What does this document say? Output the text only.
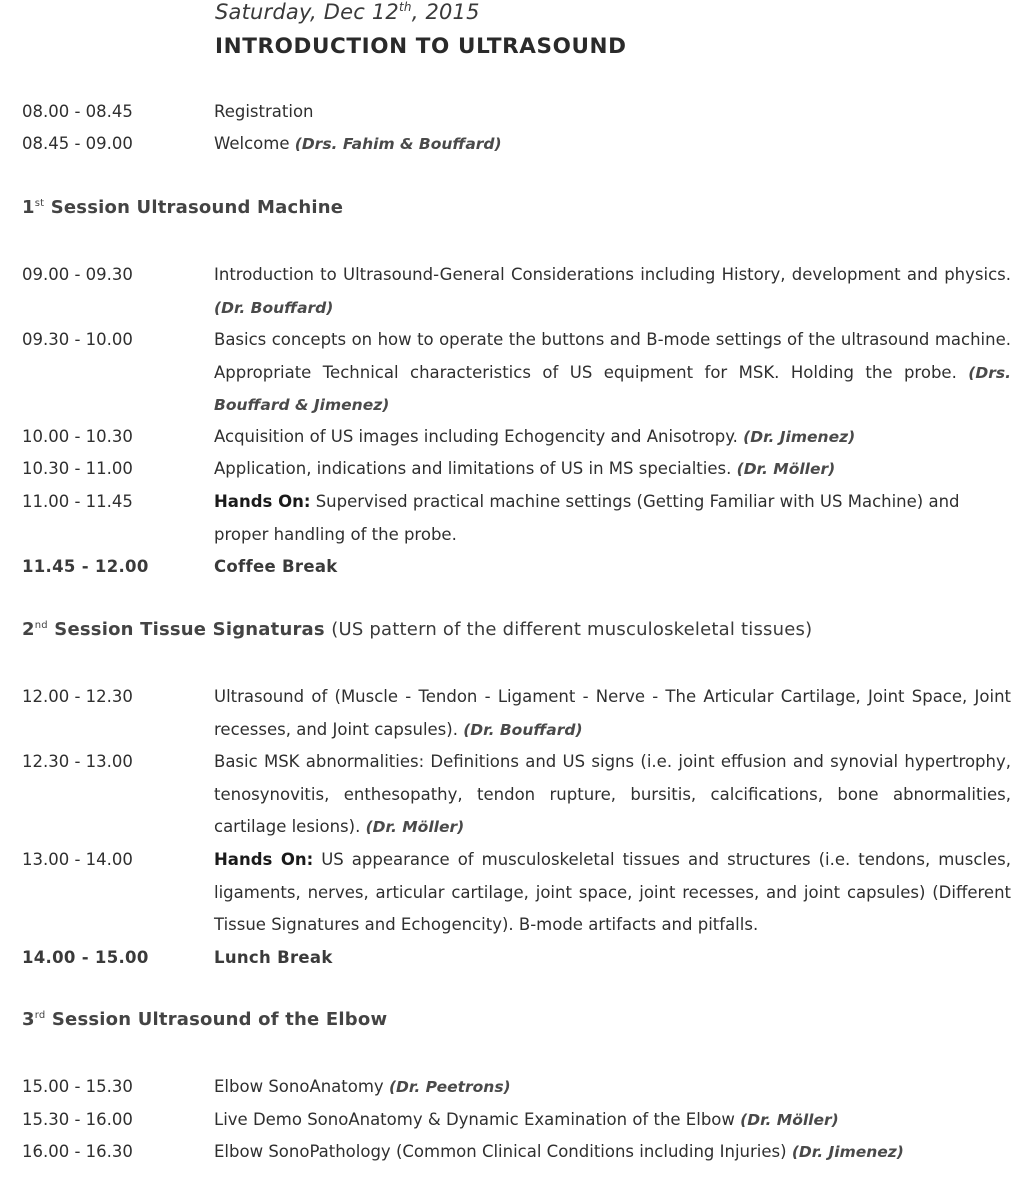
Saturday, Dec 12th, 2015
INTRODUCTION TO ULTRASOUND
08.00 - 08.45	Registration
08.45 - 09.00	Welcome (Drs. Fahim & Bouffard)
1st Session Ultrasound Machine
09.00 - 09.30	Introduction to Ultrasound-General Considerations including History, development and physics. (Dr. Bouffard)
09.30 - 10.00	Basics concepts on how to operate the buttons and B-mode settings of the ultrasound machine. Appropriate Technical characteristics of US equipment for MSK. Holding the probe. (Drs. Bouffard & Jimenez)
10.00 - 10.30	Acquisition of US images including Echogencity and Anisotropy. (Dr. Jimenez)
10.30 - 11.00	Application, indications and limitations of US in MS specialties. (Dr. Möller)
11.00 - 11.45	Hands On: Supervised practical machine settings (Getting Familiar with US Machine) and proper handling of the probe.
11.45 - 12.00	Coffee Break
2nd Session Tissue Signaturas (US pattern of the different musculoskeletal tissues)
12.00 - 12.30	Ultrasound of (Muscle - Tendon - Ligament - Nerve - The Articular Cartilage, Joint Space, Joint recesses, and Joint capsules). (Dr. Bouffard)
12.30 - 13.00	Basic MSK abnormalities: Definitions and US signs (i.e. joint effusion and synovial hypertrophy, tenosynovitis, enthesopathy, tendon rupture, bursitis, calcifications, bone abnormalities, cartilage lesions). (Dr. Möller)
13.00 - 14.00	Hands On: US appearance of musculoskeletal tissues and structures (i.e. tendons, muscles, ligaments, nerves, articular cartilage, joint space, joint recesses, and joint capsules) (Different Tissue Signatures and Echogencity). B-mode artifacts and pitfalls.
14.00 - 15.00	Lunch Break
3rd Session Ultrasound of the Elbow
15.00 - 15.30	Elbow SonoAnatomy (Dr. Peetrons)
15.30 - 16.00	Live Demo SonoAnatomy & Dynamic Examination of the Elbow (Dr. Möller)
16.00 - 16.30	Elbow SonoPathology (Common Clinical Conditions including Injuries) (Dr. Jimenez)
